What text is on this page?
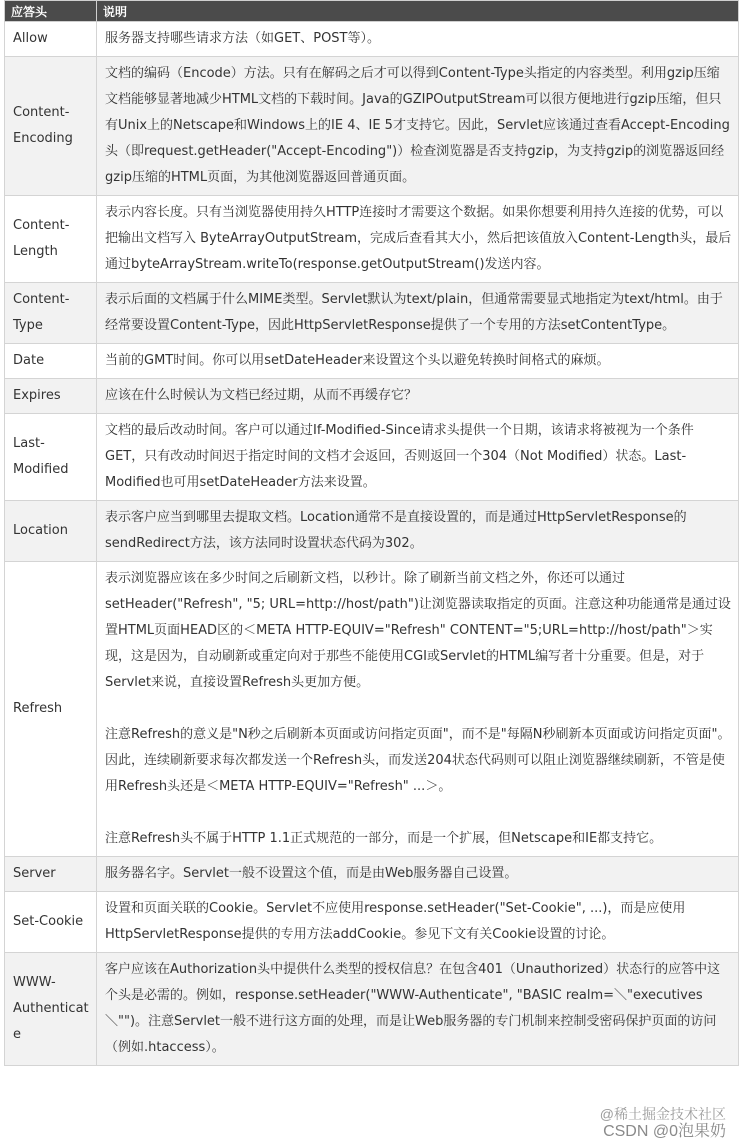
应答头	说明
Allow	服务器支持哪些请求方法（如GET、POST等）。

Content-Encoding	文档的编码（Encode）方法。只有在解码之后才可以得到Content-Type头指定的内容类型。利用gzip压缩文档能够显著地减少HTML文档的下载时间。Java的GZIPOutputStream可以很方便地进行gzip压缩，但只有Unix上的Netscape和Windows上的IE 4、IE 5才支持它。因此，Servlet应该通过查看Accept-Encoding头（即request.getHeader("Accept-Encoding")）检查浏览器是否支持gzip，为支持gzip的浏览器返回经gzip压缩的HTML页面，为其他浏览器返回普通页面。

Content-Length	表示内容长度。只有当浏览器使用持久HTTP连接时才需要这个数据。如果你想要利用持久连接的优势，可以把输出文档写入 ByteArrayOutputStream，完成后查看其大小，然后把该值放入Content-Length头，最后通过byteArrayStream.writeTo(response.getOutputStream()发送内容。

Content-Type	表示后面的文档属于什么MIME类型。Servlet默认为text/plain，但通常需要显式地指定为text/html。由于经常要设置Content-Type，因此HttpServletResponse提供了一个专用的方法setContentType。

Date	当前的GMT时间。你可以用setDateHeader来设置这个头以避免转换时间格式的麻烦。

Expires	应该在什么时候认为文档已经过期，从而不再缓存它？

Last-Modified	文档的最后改动时间。客户可以通过If-Modified-Since请求头提供一个日期，该请求将被视为一个条件GET，只有改动时间迟于指定时间的文档才会返回，否则返回一个304（Not Modified）状态。Last-Modified也可用setDateHeader方法来设置。

Location	表示客户应当到哪里去提取文档。Location通常不是直接设置的，而是通过HttpServletResponse的sendRedirect方法，该方法同时设置状态代码为302。

Refresh	表示浏览器应该在多少时间之后刷新文档，以秒计。除了刷新当前文档之外，你还可以通过setHeader("Refresh", "5; URL=http://host/path")让浏览器读取指定的页面。注意这种功能通常是通过设置HTML页面HEAD区的＜META HTTP-EQUIV="Refresh" CONTENT="5;URL=http://host/path"＞实现，这是因为，自动刷新或重定向对于那些不能使用CGI或Servlet的HTML编写者十分重要。但是，对于Servlet来说，直接设置Refresh头更加方便。
注意Refresh的意义是"N秒之后刷新本页面或访问指定页面"，而不是"每隔N秒刷新本页面或访问指定页面"。因此，连续刷新要求每次都发送一个Refresh头，而发送204状态代码则可以阻止浏览器继续刷新，不管是使用Refresh头还是＜META HTTP-EQUIV="Refresh" ...＞。
注意Refresh头不属于HTTP 1.1正式规范的一部分，而是一个扩展，但Netscape和IE都支持它。

Server	服务器名字。Servlet一般不设置这个值，而是由Web服务器自己设置。

Set-Cookie	设置和页面关联的Cookie。Servlet不应使用response.setHeader("Set-Cookie", ...)，而是应使用HttpServletResponse提供的专用方法addCookie。参见下文有关Cookie设置的讨论。

WWW-Authenticate	客户应该在Authorization头中提供什么类型的授权信息？在包含401（Unauthorized）状态行的应答中这个头是必需的。例如，response.setHeader("WWW-Authenticate", "BASIC realm=＼"executives＼"")。注意Servlet一般不进行这方面的处理，而是让Web服务器的专门机制来控制受密码保护页面的访问（例如.htaccess）。
@稀土掘金技术社区
CSDN @0泡果奶
